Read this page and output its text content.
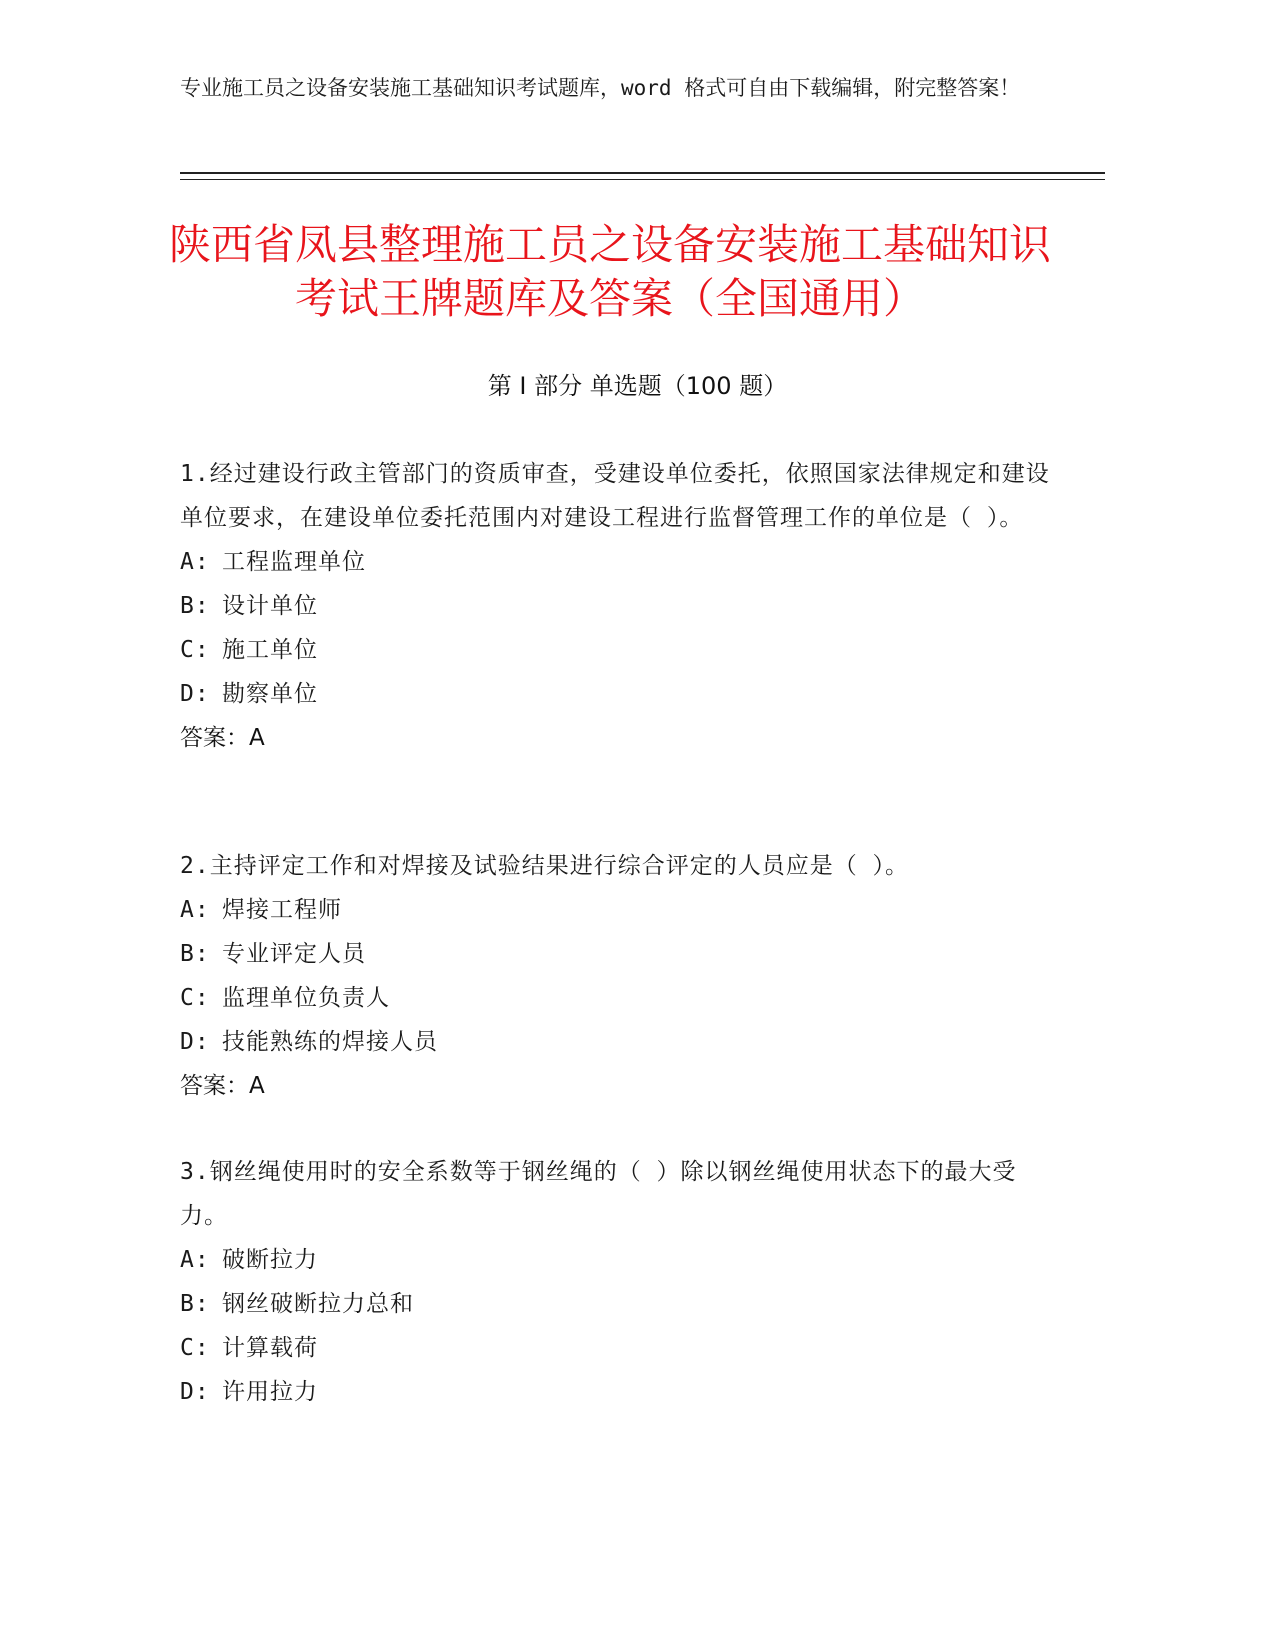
专业施工员之设备安装施工基础知识考试题库，word 格式可自由下载编辑，附完整答案！
陕西省凤县整理施工员之设备安装施工基础知识考试王牌题库及答案（全国通用）
第 I 部分 单选题（100 题）

1.经过建设行政主管部门的资质审查，受建设单位委托，依照国家法律规定和建设单位要求，在建设单位委托范围内对建设工程进行监督管理工作的单位是（ ）。

A: 工程监理单位

B: 设计单位

C: 施工单位

D: 勘察单位

答案：A

2.主持评定工作和对焊接及试验结果进行综合评定的人员应是（ ）。

A: 焊接工程师

B: 专业评定人员

C: 监理单位负责人

D: 技能熟练的焊接人员

答案：A

3.钢丝绳使用时的安全系数等于钢丝绳的（ ）除以钢丝绳使用状态下的最大受力。

A: 破断拉力

B: 钢丝破断拉力总和

C: 计算载荷

D: 许用拉力
